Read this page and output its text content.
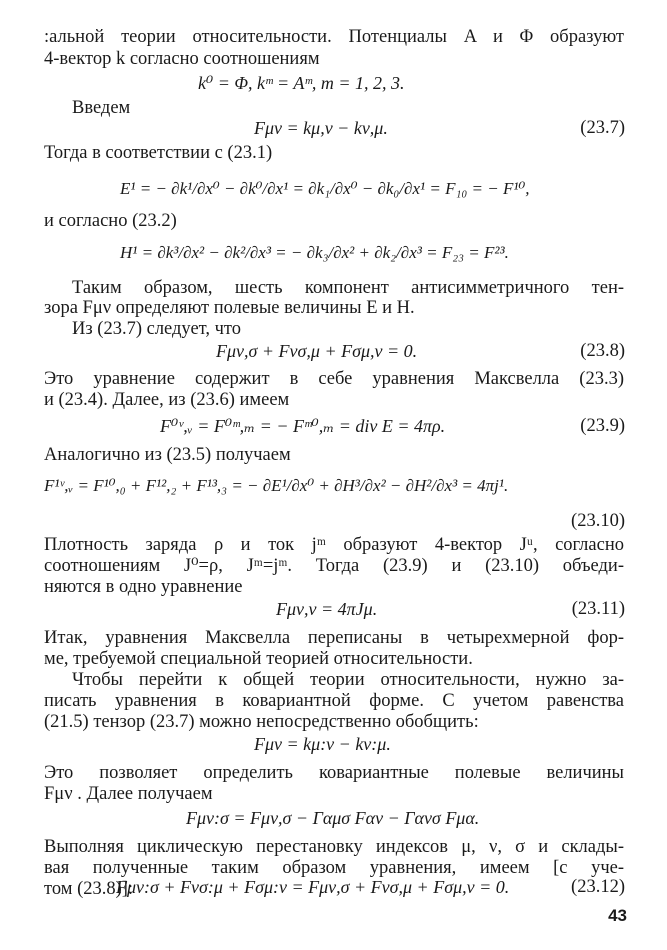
:альной теории относительности. Потенциалы A и Φ образуют
4-вектор k согласно соотношениям
k⁰ = Φ, kᵐ = Aᵐ, m = 1, 2, 3.
Введем
Fμν = kμ,ν − kν,μ.	(23.7)
Тогда в соответствии с (23.1)
E¹ = − ∂k¹/∂x⁰ − ∂k⁰/∂x¹ = ∂k₁/∂x⁰ − ∂k₀/∂x¹ = F₁₀ = − F¹⁰,
и согласно (23.2)
H¹ = ∂k³/∂x² − ∂k²/∂x³ = − ∂k₃/∂x² + ∂k₂/∂x³ = F₂₃ = F²³.
Таким образом, шесть компонент антисимметричного тен-
зора Fμν определяют полевые величины E и H.
Из (23.7) следует, что
Fμν,σ + Fνσ,μ + Fσμ,ν = 0.	(23.8)
Это уравнение содержит в себе уравнения Максвелла (23.3)
и (23.4). Далее, из (23.6) имеем
F⁰ᵛ,ᵥ = F⁰ᵐ,ₘ = − Fᵐ⁰,ₘ = div E = 4πρ.	(23.9)
Аналогично из (23.5) получаем
F¹ᵛ,ᵥ = F¹⁰,₀ + F¹²,₂ + F¹³,₃ = − ∂E¹/∂x⁰ + ∂H³/∂x² − ∂H²/∂x³ = 4πj¹.
(23.10)
Плотность заряда ρ и ток jᵐ образуют 4-вектор Jᵘ, согласно
соотношениям J⁰=ρ, Jᵐ=jᵐ. Тогда (23.9) и (23.10) объеди-
няются в одно уравнение
Fμν,ν = 4πJμ.	(23.11)
Итак, уравнения Максвелла переписаны в четырехмерной фор-
ме, требуемой специальной теорией относительности.
Чтобы перейти к общей теории относительности, нужно за-
писать уравнения в ковариантной форме. С учетом равенства
(21.5) тензор (23.7) можно непосредственно обобщить:
Fμν = kμ:ν − kν:μ.
Это позволяет определить ковариантные полевые величины
Fμν . Далее получаем
Fμν:σ = Fμν,σ − Γαμσ Fαν − Γανσ Fμα.
Выполняя циклическую перестановку индексов μ, ν, σ и склады-
вая полученные таким образом уравнения, имеем [с уче-
том (23.8)]:
Fμν:σ + Fνσ:μ + Fσμ:ν = Fμν,σ + Fνσ,μ + Fσμ,ν = 0.	(23.12)
43
